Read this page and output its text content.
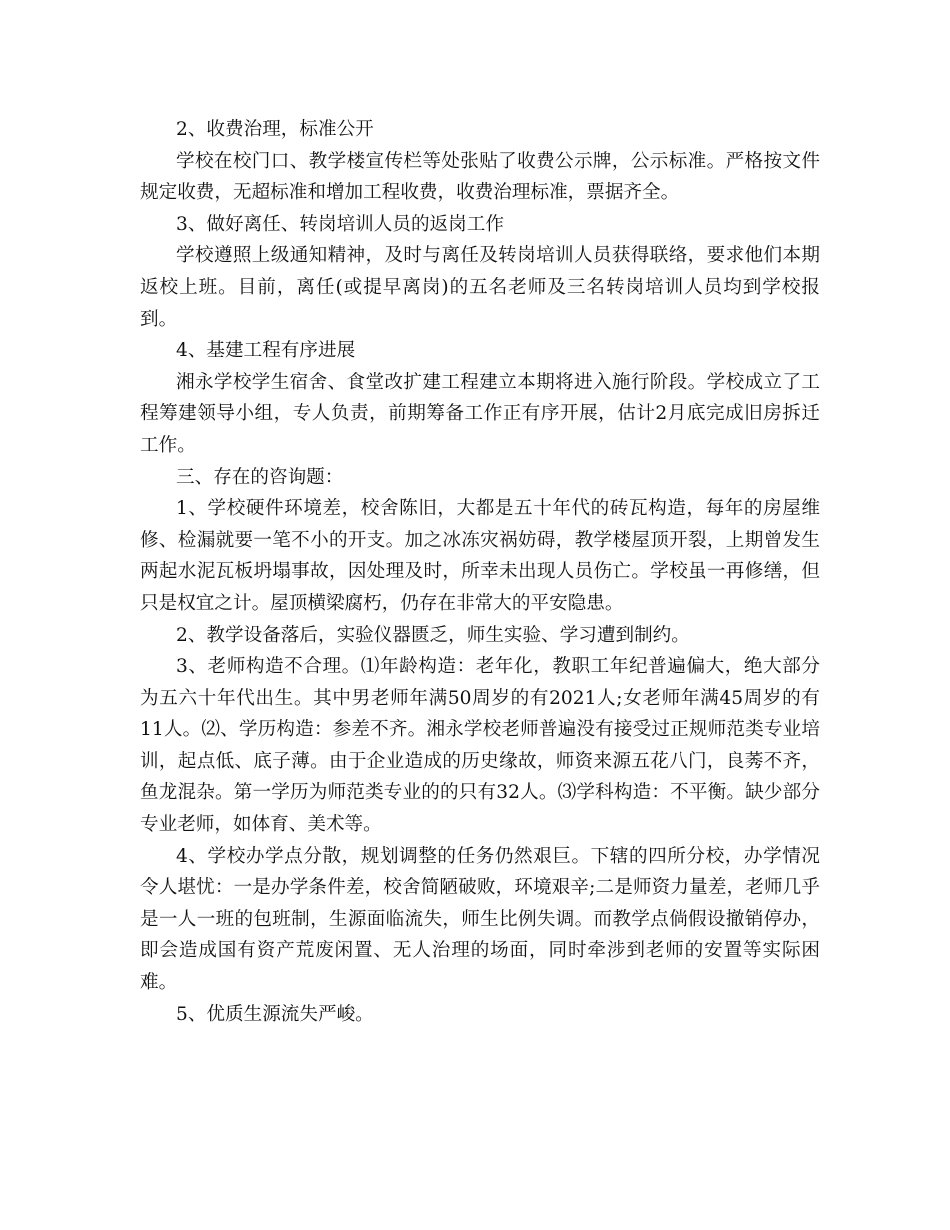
2、收费治理，标准公开

学校在校门口、教学楼宣传栏等处张贴了收费公示牌，公示标准。严格按文件规定收费，无超标准和增加工程收费，收费治理标准，票据齐全。

3、做好离任、转岗培训人员的返岗工作

学校遵照上级通知精神，及时与离任及转岗培训人员获得联络，要求他们本期返校上班。目前，离任(或提早离岗)的五名老师及三名转岗培训人员均到学校报到。

4、基建工程有序进展

湘永学校学生宿舍、食堂改扩建工程建立本期将进入施行阶段。学校成立了工程筹建领导小组，专人负责，前期筹备工作正有序开展，估计2月底完成旧房拆迁工作。

三、存在的咨询题：

1、学校硬件环境差，校舍陈旧，大都是五十年代的砖瓦构造，每年的房屋维修、检漏就要一笔不小的开支。加之冰冻灾祸妨碍，教学楼屋顶开裂，上期曾发生两起水泥瓦板坍塌事故，因处理及时，所幸未出现人员伤亡。学校虽一再修缮，但只是权宜之计。屋顶横梁腐朽，仍存在非常大的平安隐患。

2、教学设备落后，实验仪器匮乏，师生实验、学习遭到制约。

3、老师构造不合理。⑴年龄构造：老年化，教职工年纪普遍偏大，绝大部分为五六十年代出生。其中男老师年满50周岁的有2021人;女老师年满45周岁的有11人。⑵、学历构造：参差不齐。湘永学校老师普遍没有接受过正规师范类专业培训，起点低、底子薄。由于企业造成的历史缘故，师资来源五花八门，良莠不齐，鱼龙混杂。第一学历为师范类专业的的只有32人。⑶学科构造：不平衡。缺少部分专业老师，如体育、美术等。

4、学校办学点分散，规划调整的任务仍然艰巨。下辖的四所分校，办学情况令人堪忧：一是办学条件差，校舍简陋破败，环境艰辛;二是师资力量差，老师几乎是一人一班的包班制，生源面临流失，师生比例失调。而教学点倘假设撤销停办，即会造成国有资产荒废闲置、无人治理的场面，同时牵涉到老师的安置等实际困难。

5、优质生源流失严峻。
